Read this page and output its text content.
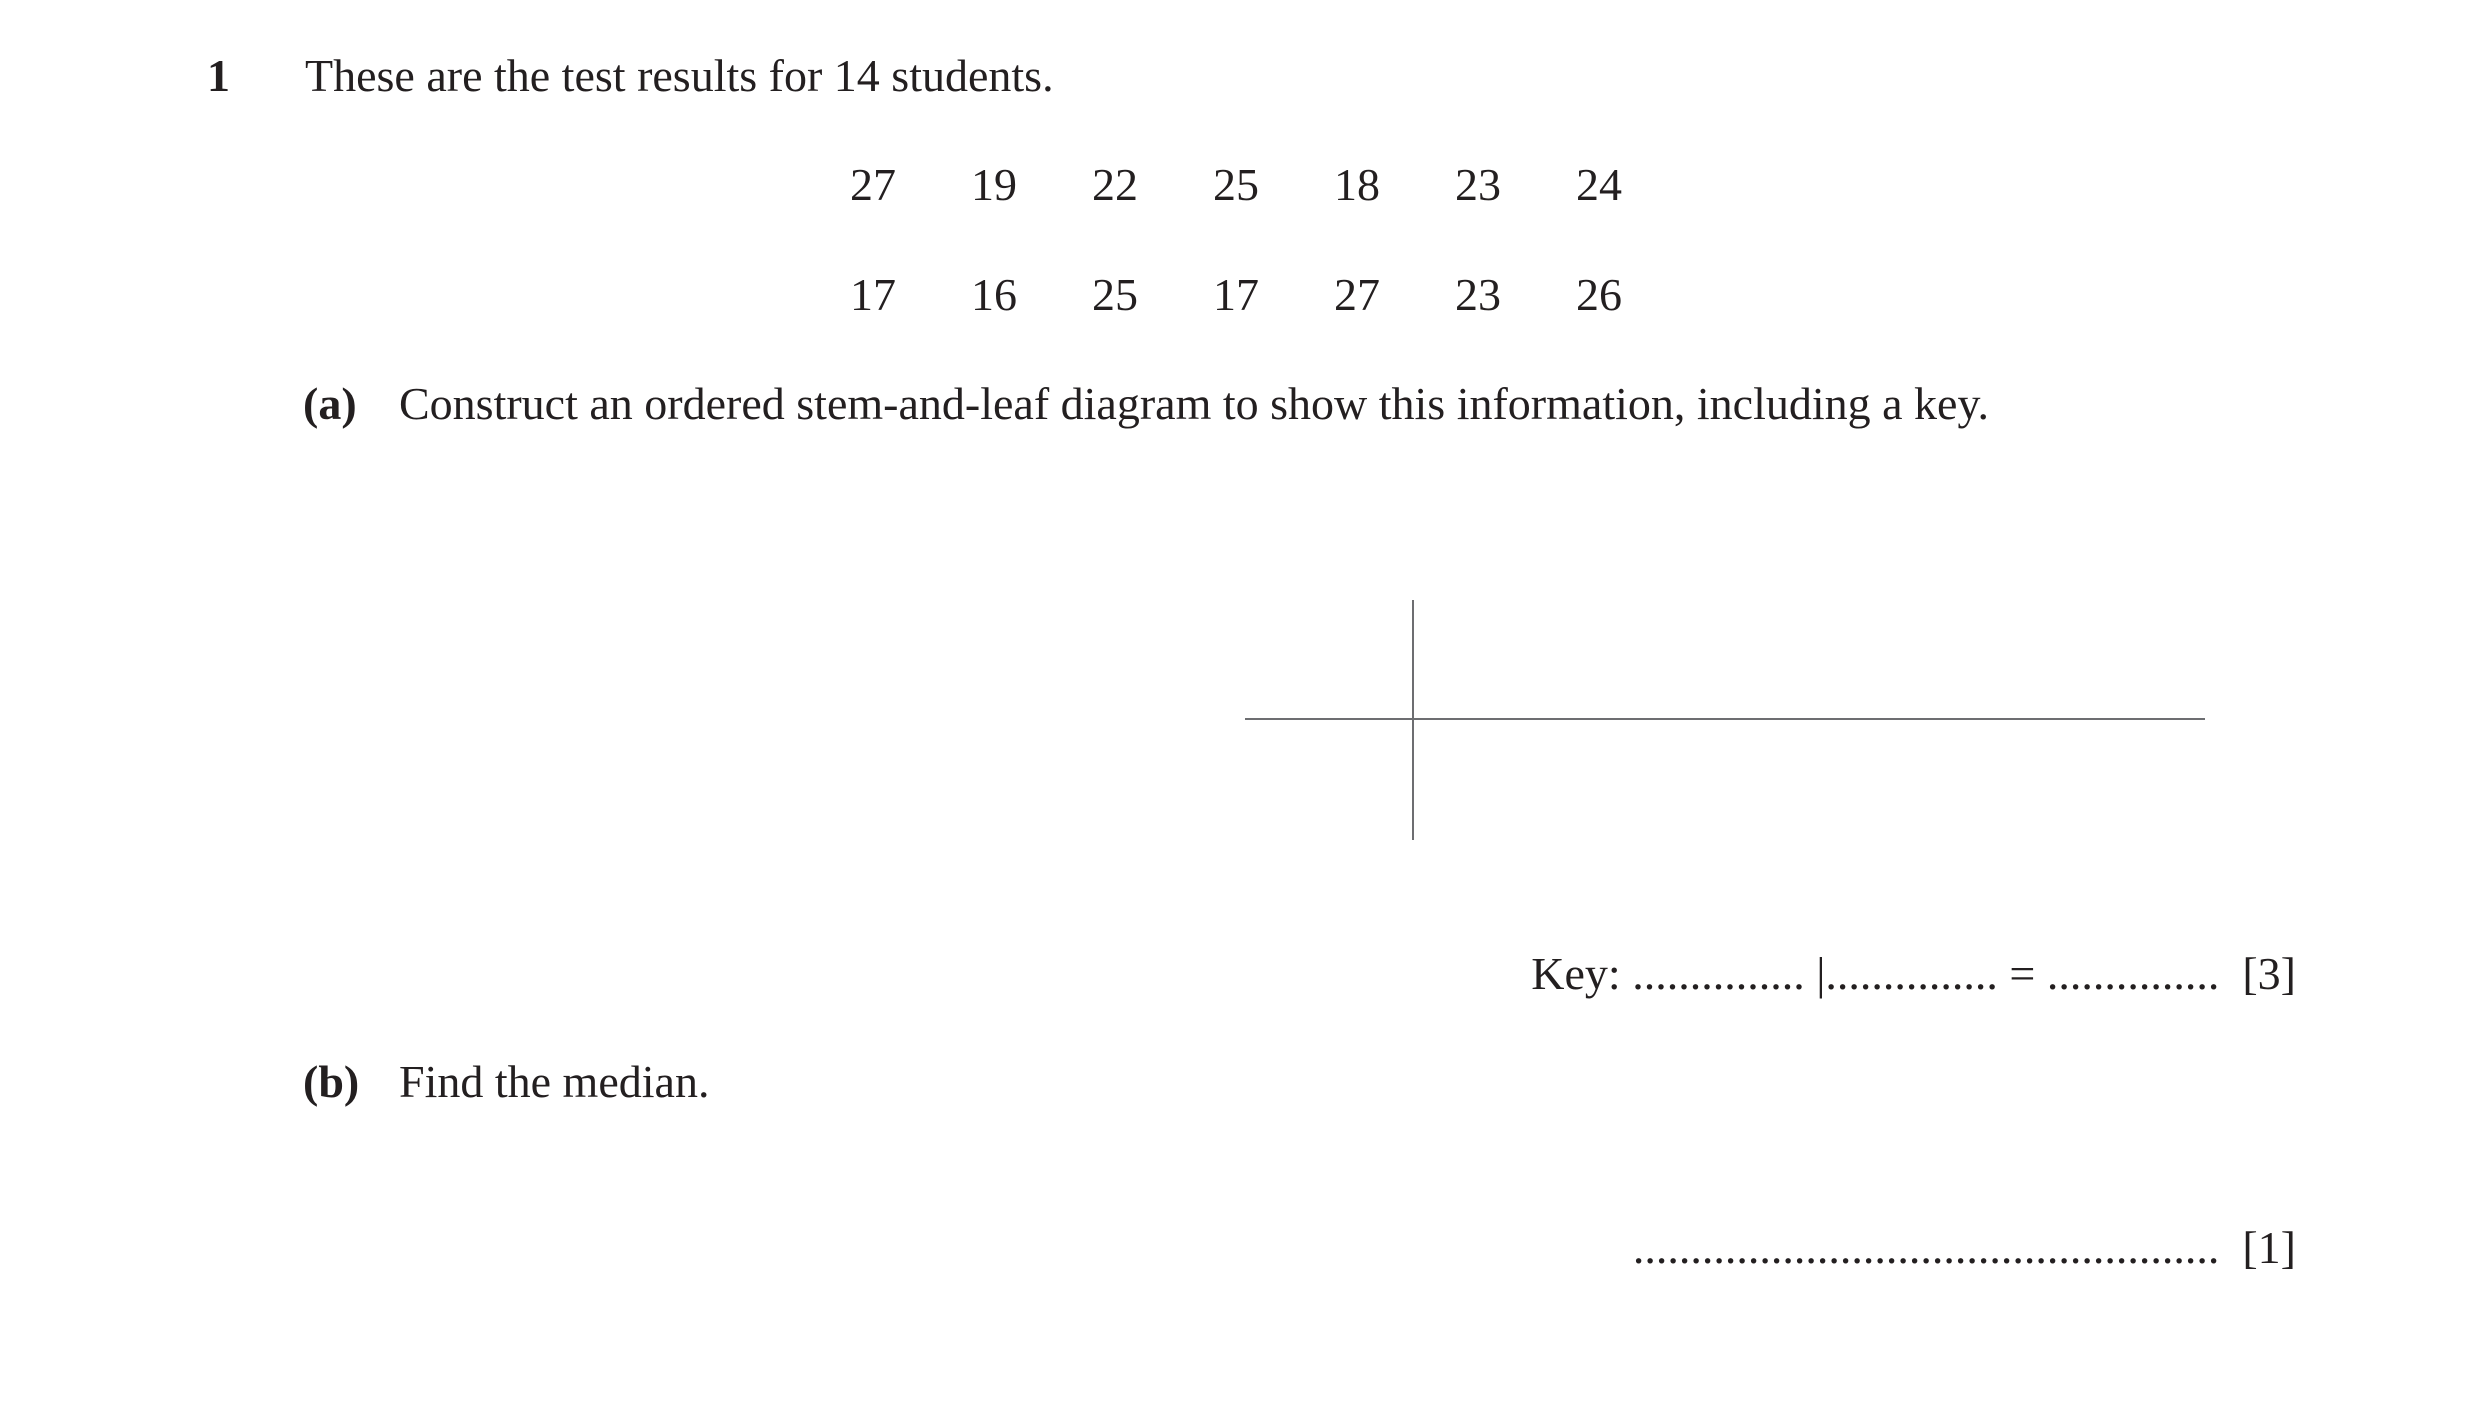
1 These are the test results for 14 students.
27	19	22	25	18	23	24
17	16	25	17	27	23	26
(a) Construct an ordered stem-and-leaf diagram to show this information, including a key.
Key: ............... |............... = ............... [3]
(b) Find the median.
................................................... [1]
